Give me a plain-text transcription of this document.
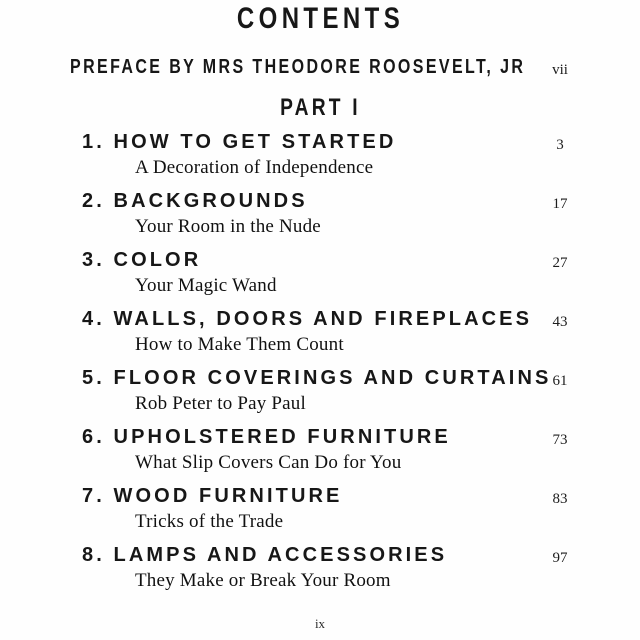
CONTENTS
PREFACE BY MRS THEODORE ROOSEVELT, JR	vii
PART I
1. HOW TO GET STARTED	3
A Decoration of Independence
2. BACKGROUNDS	17
Your Room in the Nude
3. COLOR	27
Your Magic Wand
4. WALLS, DOORS AND FIREPLACES	43
How to Make Them Count
5. FLOOR COVERINGS AND CURTAINS 61
Rob Peter to Pay Paul
6. UPHOLSTERED FURNITURE	73
What Slip Covers Can Do for You
7. WOOD FURNITURE	83
Tricks of the Trade
8. LAMPS AND ACCESSORIES	97
They Make or Break Your Room
ix
